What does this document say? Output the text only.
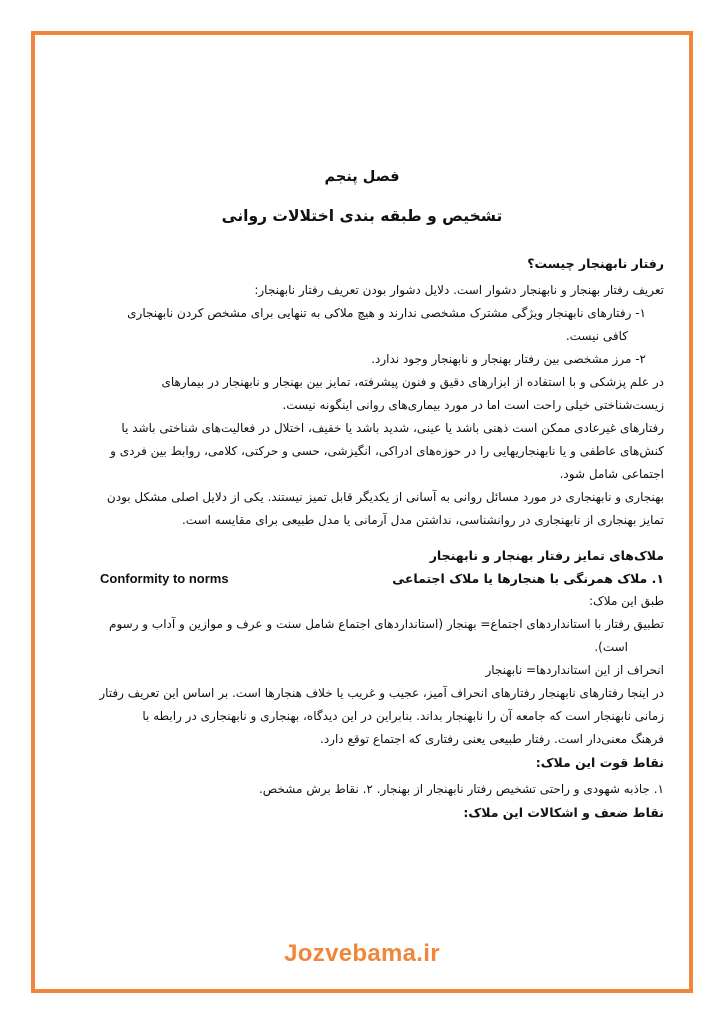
فصل پنجم
تشخیص و طبقه بندی اختلالات روانی
رفتار نابهنجار چیست؟

تعریف رفتار بهنجار و نابهنجار دشوار است. دلایل دشوار بودن تعریف رفتار نابهنجار:

۱- رفتارهای نابهنجار ویژگی مشترک مشخصی ندارند و هیچ ملاکی به تنهایی برای مشخص کردن نابهنجاری

کافی نیست.

۲- مرز مشخصی بین رفتار بهنجار و نابهنجار وجود ندارد.

در علم پزشکی و با استفاده از ابزارهای دقیق و فنون پیشرفته، تمایز بین بهنجار و نابهنجار در بیمارهای

زیست‌شناختی خیلی راحت است اما در مورد بیماری‌های روانی اینگونه نیست.

رفتارهای غیرعادی ممکن است ذهنی باشد یا عینی، شدید باشد یا خفیف، اختلال در فعالیت‌های شناختی باشد یا

کنش‌های عاطفی و یا نابهنجاریهایی را در حوزه‌های ادراکی، انگیزشی، حسی و حرکتی، کلامی، روابط بین فردی و

اجتماعی شامل شود.

بهنجاری و نابهنجاری در مورد مسائل روانی به آسانی از یکدیگر قابل تمیز نیستند. یکی از دلایل اصلی مشکل بودن

تمایز بهنجاری از نابهنجاری در روانشناسی، نداشتن مدل آرمانی یا مدل طبیعی برای مقایسه است.

ملاک‌های تمایز رفتار بهنجار و نابهنجار
۱. ملاک همرنگی با هنجارها یا ملاک اجتماعی
Conformity to norms

طبق این ملاک:

تطبیق رفتار با استانداردهای اجتماع= بهنجار (استانداردهای اجتماع شامل سنت و عرف و موازین و آداب و رسوم

است).

انحراف از این استانداردها= نابهنجار

در اینجا رفتارهای نابهنجار رفتارهای انحراف آمیز، عجیب و غریب یا خلاف هنجارها است. بر اساس این تعریف رفتار

زمانی نابهنجار است که جامعه آن را نابهنجار بداند. بنابراین در این دیدگاه، بهنجاری و نابهنجاری در رابطه با

فرهنگ معنی‌دار است. رفتار طبیعی یعنی رفتاری که اجتماع توقع دارد.

نقاط قوت این ملاک:

۱. جاذبه شهودی و راحتی تشخیص رفتار نابهنجار از بهنجار. ۲. نقاط برش مشخص.

نقاط ضعف و اشکالات این ملاک:
Jozvebama.ir
